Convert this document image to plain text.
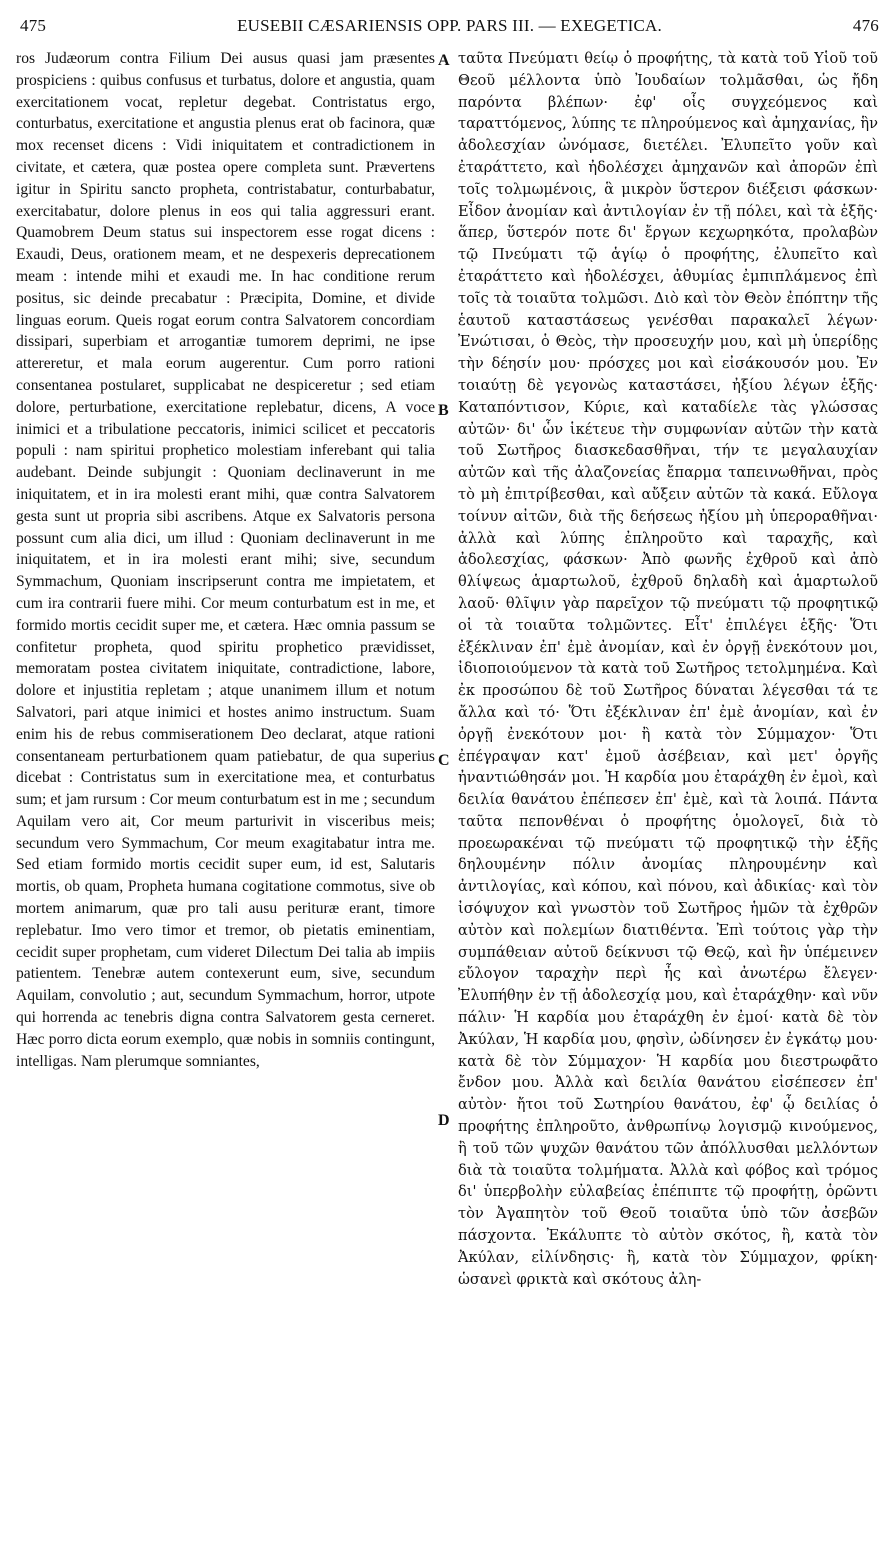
475	EUSEBII CÆSARIENSIS OPP. PARS III. — EXEGETICA.	476

ros Judæorum contra Filium Dei ausus quasi jam præsentes prospiciens : quibus confusus et turbatus, dolore et angustia, quam exercitationem vocat, repletur degebat. Contristatus ergo, conturbatus, exercitatione et angustia plenus erat ob facinora, quæ mox recenset dicens : Vidi iniquitatem et contradictionem in civitate, et cætera, quæ postea opere completa sunt. Prævertens igitur in Spiritu sancto propheta, contristabatur, conturbabatur, exercitabatur, dolore plenus in eos qui talia aggressuri erant. Quamobrem Deum status sui inspectorem esse rogat dicens : Exaudi, Deus, orationem meam, et ne despexeris deprecationem meam : intende mihi et exaudi me. In hac conditione rerum positus, sic deinde precabatur : Præcipita, Domine, et divide linguas eorum. Queis rogat eorum contra Salvatorem concordiam dissipari, superbiam et arrogantiæ tumorem deprimi, ne ipse attereretur, et mala eorum augerentur. Cum porro rationi consentanea postularet, supplicabat ne despiceretur ; sed etiam dolore, perturbatione, exercitatione replebatur, dicens, A voce inimici et a tribulatione peccatoris, inimici scilicet et peccatoris populi : nam spiritui prophetico molestiam inferebant qui talia audebant. Deinde subjungit : Quoniam declinaverunt in me iniquitatem, et in ira molesti erant mihi, quæ contra Salvatorem gesta sunt ut propria sibi ascribens. Atque ex Salvatoris persona possunt cum alia dici, um illud : Quoniam declinaverunt in me iniquitatem, et in ira molesti erant mihi; sive, secundum Symmachum, Quoniam inscripserunt contra me impietatem, et cum ira contrarii fuere mihi. Cor meum conturbatum est in me, et formido mortis cecidit super me, et cætera. Hæc omnia passum se confitetur propheta, quod spiritu prophetico prævidisset, memoratam postea civitatem iniquitate, contradictione, labore, dolore et injustitia repletam ; atque unanimem illum et notum Salvatori, pari atque inimici et hostes animo instructum. Suam enim his de rebus commiserationem Deo declarat, atque rationi consentaneam perturbationem quam patiebatur, de qua superius dicebat : Contristatus sum in exercitatione mea, et conturbatus sum; et jam rursum : Cor meum conturbatum est in me ; secundum Aquilam vero ait, Cor meum parturivit in visceribus meis; secundum vero Symmachum, Cor meum exagitabatur intra me. Sed etiam formido mortis cecidit super eum, id est, Salutaris mortis, ob quam, Propheta humana cogitatione commotus, sive ob mortem animarum, quæ pro tali ausu perituræ erant, timore replebatur. Imo vero timor et tremor, ob pietatis eminentiam, cecidit super prophetam, cum videret Dilectum Dei talia ab impiis patientem. Tenebræ autem contexerunt eum, sive, secundum Aquilam, convolutio ; aut, secundum Symmachum, horror, utpote qui horrenda ac tenebris digna contra Salvatorem gesta cerneret. Hæc porro dicta eorum exemplo, quæ nobis in somniis contingunt, intelligas. Nam plerumque somniantes,

A
B
C
D

ταῦτα Πνεύματι θείῳ ὁ προφήτης, τὰ κατὰ τοῦ Υἱοῦ τοῦ Θεοῦ μέλλοντα ὑπὸ Ἰουδαίων τολμᾶσθαι, ὡς ἤδη παρόντα βλέπων· ἐφ' οἷς συγχεόμενος καὶ ταραττόμενος, λύπης τε πληρούμενος καὶ ἀμηχανίας, ἣν ἀδολεσχίαν ὠνόμασε, διετέλει. Ἐλυπεῖτο γοῦν καὶ ἐταράττετο, καὶ ἠδολέσχει ἀμηχανῶν καὶ ἀπορῶν ἐπὶ τοῖς τολμωμένοις, ἃ μικρὸν ὕστερον διέξεισι φάσκων· Εἶδον ἀνομίαν καὶ ἀντιλογίαν ἐν τῇ πόλει, καὶ τὰ ἑξῆς· ἅπερ, ὕστερόν ποτε δι' ἔργων κεχωρηκότα, προλαβὼν τῷ Πνεύματι τῷ ἁγίῳ ὁ προφήτης, ἐλυπεῖτο καὶ ἐταράττετο καὶ ἠδολέσχει, ἀθυμίας ἐμπιπλάμενος ἐπὶ τοῖς τὰ τοιαῦτα τολμῶσι. Διὸ καὶ τὸν Θεὸν ἐπόπτην τῆς ἑαυτοῦ καταστάσεως γενέσθαι παρακαλεῖ λέγων· Ἐνώτισαι, ὁ Θεὸς, τὴν προσευχήν μου, καὶ μὴ ὑπερίδῃς τὴν δέησίν μου· πρόσχες μοι καὶ εἰσάκουσόν μου. Ἐν τοιαύτῃ δὲ γεγονὼς καταστάσει, ἠξίου λέγων ἑξῆς· Καταπόντισον, Κύριε, καὶ καταδίελε τὰς γλώσσας αὐτῶν· δι' ὧν ἱκέτευε τὴν συμφωνίαν αὐτῶν τὴν κατὰ τοῦ Σωτῆρος διασκεδασθῆναι, τήν τε μεγαλαυχίαν αὐτῶν καὶ τῆς ἀλαζονείας ἔπαρμα ταπεινωθῆναι, πρὸς τὸ μὴ ἐπιτρίβεσθαι, καὶ αὔξειν αὐτῶν τὰ κακά. Εὔλογα τοίνυν αἰτῶν, διὰ τῆς δεήσεως ἠξίου μὴ ὑπεροραθῆναι· ἀλλὰ καὶ λύπης ἐπληροῦτο καὶ ταραχῆς, καὶ ἀδολεσχίας, φάσκων· Ἀπὸ φωνῆς ἐχθροῦ καὶ ἀπὸ θλίψεως ἁμαρτωλοῦ, ἐχθροῦ δηλαδὴ καὶ ἁμαρτωλοῦ λαοῦ· θλῖψιν γὰρ παρεῖχον τῷ πνεύματι τῷ προφητικῷ οἱ τὰ τοιαῦτα τολμῶντες. Εἶτ' ἐπιλέγει ἑξῆς· Ὅτι ἐξέκλιναν ἐπ' ἐμὲ ἀνομίαν, καὶ ἐν ὀργῇ ἐνεκότουν μοι, ἰδιοποιούμενον τὰ κατὰ τοῦ Σωτῆρος τετολμημένα. Καὶ ἐκ προσώπου δὲ τοῦ Σωτῆρος δύναται λέγεσθαι τά τε ἄλλα καὶ τό· Ὅτι ἐξέκλιναν ἐπ' ἐμὲ ἀνομίαν, καὶ ἐν ὀργῇ ἐνεκότουν μοι· ἢ κατὰ τὸν Σύμμαχον· Ὅτι ἐπέγραψαν κατ' ἐμοῦ ἀσέβειαν, καὶ μετ' ὀργῆς ἠναντιώθησάν μοι. Ἡ καρδία μου ἐταράχθη ἐν ἐμοὶ, καὶ δειλία θανάτου ἐπέπεσεν ἐπ' ἐμὲ, καὶ τὰ λοιπά. Πάντα ταῦτα πεπονθέναι ὁ προφήτης ὁμολογεῖ, διὰ τὸ προεωρακέναι τῷ πνεύματι τῷ προφητικῷ τὴν ἑξῆς δηλουμένην πόλιν ἀνομίας πληρουμένην καὶ ἀντιλογίας, καὶ κόπου, καὶ πόνου, καὶ ἀδικίας· καὶ τὸν ἰσόψυχον καὶ γνωστὸν τοῦ Σωτῆρος ἡμῶν τὰ ἐχθρῶν αὐτὸν καὶ πολεμίων διατιθέντα. Ἐπὶ τούτοις γὰρ τὴν συμπάθειαν αὐτοῦ δείκνυσι τῷ Θεῷ, καὶ ἣν ὑπέμεινεν εὔλογον ταραχὴν περὶ ἧς καὶ ἀνωτέρω ἔλεγεν· Ἐλυπήθην ἐν τῇ ἀδολεσχίᾳ μου, καὶ ἐταράχθην· καὶ νῦν πάλιν· Ἡ καρδία μου ἐταράχθη ἐν ἐμοί· κατὰ δὲ τὸν Ἀκύλαν, Ἡ καρδία μου, φησὶν, ὠδίνησεν ἐν ἐγκάτῳ μου· κατὰ δὲ τὸν Σύμμαχον· Ἡ καρδία μου διεστρωφᾶτο ἔνδον μου. Ἀλλὰ καὶ δειλία θανάτου εἰσέπεσεν ἐπ' αὐτὸν· ἤτοι τοῦ Σωτηρίου θανάτου, ἐφ' ᾧ δειλίας ὁ προφήτης ἐπληροῦτο, ἀνθρωπίνῳ λογισμῷ κινούμενος, ἢ τοῦ τῶν ψυχῶν θανάτου τῶν ἀπόλλυσθαι μελλόντων διὰ τὰ τοιαῦτα τολμήματα. Ἀλλὰ καὶ φόβος καὶ τρόμος δι' ὑπερβολὴν εὐλαβείας ἐπέπιπτε τῷ προφήτῃ, ὁρῶντι τὸν Ἀγαπητὸν τοῦ Θεοῦ τοιαῦτα ὑπὸ τῶν ἀσεβῶν πάσχοντα. Ἐκάλυπτε τὸ αὐτὸν σκότος, ἢ, κατὰ τὸν Ἀκύλαν, εἰλίνδησις· ἢ, κατὰ τὸν Σύμμαχον, φρίκη· ὡσανεὶ φρικτὰ καὶ σκότους ἀλη-
